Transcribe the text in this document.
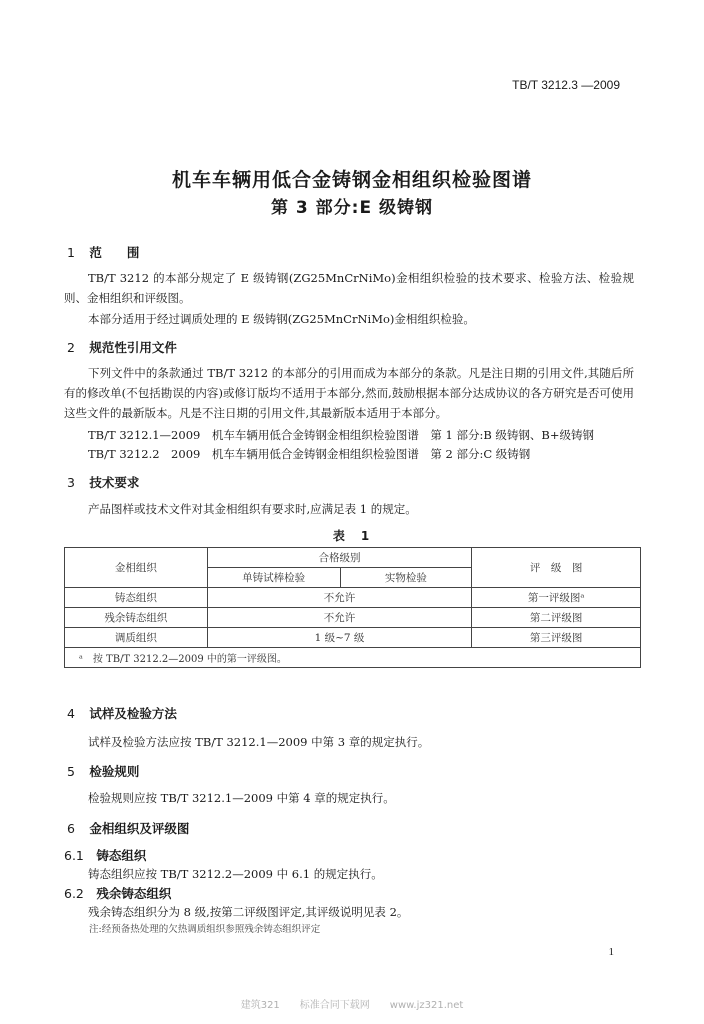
TB/T 3212.3 —2009
机车车辆用低合金铸钢金相组织检验图谱
第 3 部分:E 级铸钢
1 范　　围
TB/T 3212 的本部分规定了 E 级铸钢(ZG25MnCrNiMo)金相组织检验的技术要求、检验方法、检验规则、金相组织和评级图。
本部分适用于经过调质处理的 E 级铸钢(ZG25MnCrNiMo)金相组织检验。
2 规范性引用文件
下列文件中的条款通过 TB/T 3212 的本部分的引用而成为本部分的条款。凡是注日期的引用文件,其随后所有的修改单(不包括勘误的内容)或修订版均不适用于本部分,然而,鼓励根据本部分达成协议的各方研究是否可使用这些文件的最新版本。凡是不注日期的引用文件,其最新版本适用于本部分。
TB/T 3212.1—2009　机车车辆用低合金铸钢金相组织检验图谱　第 1 部分:B 级铸钢、B+级铸钢
TB/T 3212.2　2009　机车车辆用低合金铸钢金相组织检验图谱　第 2 部分:C 级铸钢
3 技术要求
产品图样或技术文件对其金相组织有要求时,应满足表 1 的规定。
表　1
金相组织	合格级别		评　级　图
	单铸试棒检验	实物检验	
铸态组织	不允许		第一评级图ᵃ
残余铸态组织	不允许		第二评级图
调质组织	1 级~7 级		第三评级图
ᵃ　按 TB/T 3212.2—2009 中的第一评级图。			
4 试样及检验方法
试样及检验方法应按 TB/T 3212.1—2009 中第 3 章的规定执行。
5 检验规则
检验规则应按 TB/T 3212.1—2009 中第 4 章的规定执行。
6 金相组织及评级图
6.1 铸态组织
铸态组织应按 TB/T 3212.2—2009 中 6.1 的规定执行。
6.2 残余铸态组织
残余铸态组织分为 8 级,按第二评级图评定,其评级说明见表 2。
注:经预备热处理的欠热调质组织参照残余铸态组织评定
1
建筑321　　标准合同下载网　　www.jz321.net
